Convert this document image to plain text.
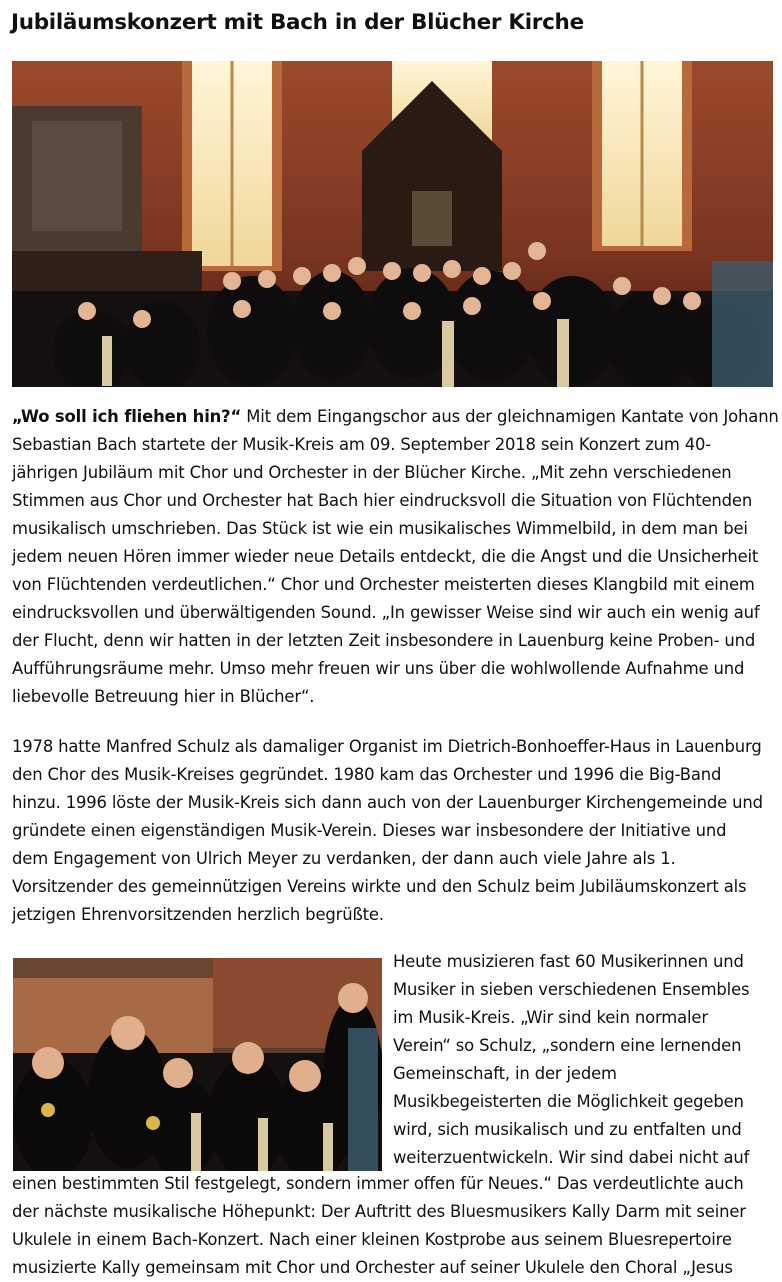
Jubiläumskonzert mit Bach in der Blücher Kirche

„Wo soll ich fliehen hin?“ Mit dem Eingangschor aus der gleichnamigen Kantate von Johann
Sebastian Bach startete der Musik-Kreis am 09. September 2018 sein Konzert zum 40-
jährigen Jubiläum mit Chor und Orchester in der Blücher Kirche. „Mit zehn verschiedenen
Stimmen aus Chor und Orchester hat Bach hier eindrucksvoll die Situation von Flüchtenden
musikalisch umschrieben. Das Stück ist wie ein musikalisches Wimmelbild, in dem man bei
jedem neuen Hören immer wieder neue Details entdeckt, die die Angst und die Unsicherheit
von Flüchtenden verdeutlichen.“ Chor und Orchester meisterten dieses Klangbild mit einem
eindrucksvollen und überwältigenden Sound. „In gewisser Weise sind wir auch ein wenig auf
der Flucht, denn wir hatten in der letzten Zeit insbesondere in Lauenburg keine Proben- und
Aufführungsräume mehr. Umso mehr freuen wir uns über die wohlwollende Aufnahme und
liebevolle Betreuung hier in Blücher“.

1978 hatte Manfred Schulz als damaliger Organist im Dietrich-Bonhoeffer-Haus in Lauenburg
den Chor des Musik-Kreises gegründet. 1980 kam das Orchester und 1996 die Big-Band
hinzu. 1996 löste der Musik-Kreis sich dann auch von der Lauenburger Kirchengemeinde und
gründete einen eigenständigen Musik-Verein. Dieses war insbesondere der Initiative und
dem Engagement von Ulrich Meyer zu verdanken, der dann auch viele Jahre als 1.
Vorsitzender des gemeinnützigen Vereins wirkte und den Schulz beim Jubiläumskonzert als
jetzigen Ehrenvorsitzenden herzlich begrüßte.

Heute musizieren fast 60 Musikerinnen und
Musiker in sieben verschiedenen Ensembles
im Musik-Kreis. „Wir sind kein normaler
Verein“ so Schulz, „sondern eine lernenden
Gemeinschaft, in der jedem
Musikbegeisterten die Möglichkeit gegeben
wird, sich musikalisch und zu entfalten und
weiterzuentwickeln. Wir sind dabei nicht auf

einen bestimmten Stil festgelegt, sondern immer offen für Neues.“ Das verdeutlichte auch
der nächste musikalische Höhepunkt: Der Auftritt des Bluesmusikers Kally Darm mit seiner
Ukulele in einem Bach-Konzert. Nach einer kleinen Kostprobe aus seinem Bluesrepertoire
musizierte Kally gemeinsam mit Chor und Orchester auf seiner Ukulele den Choral „Jesus
